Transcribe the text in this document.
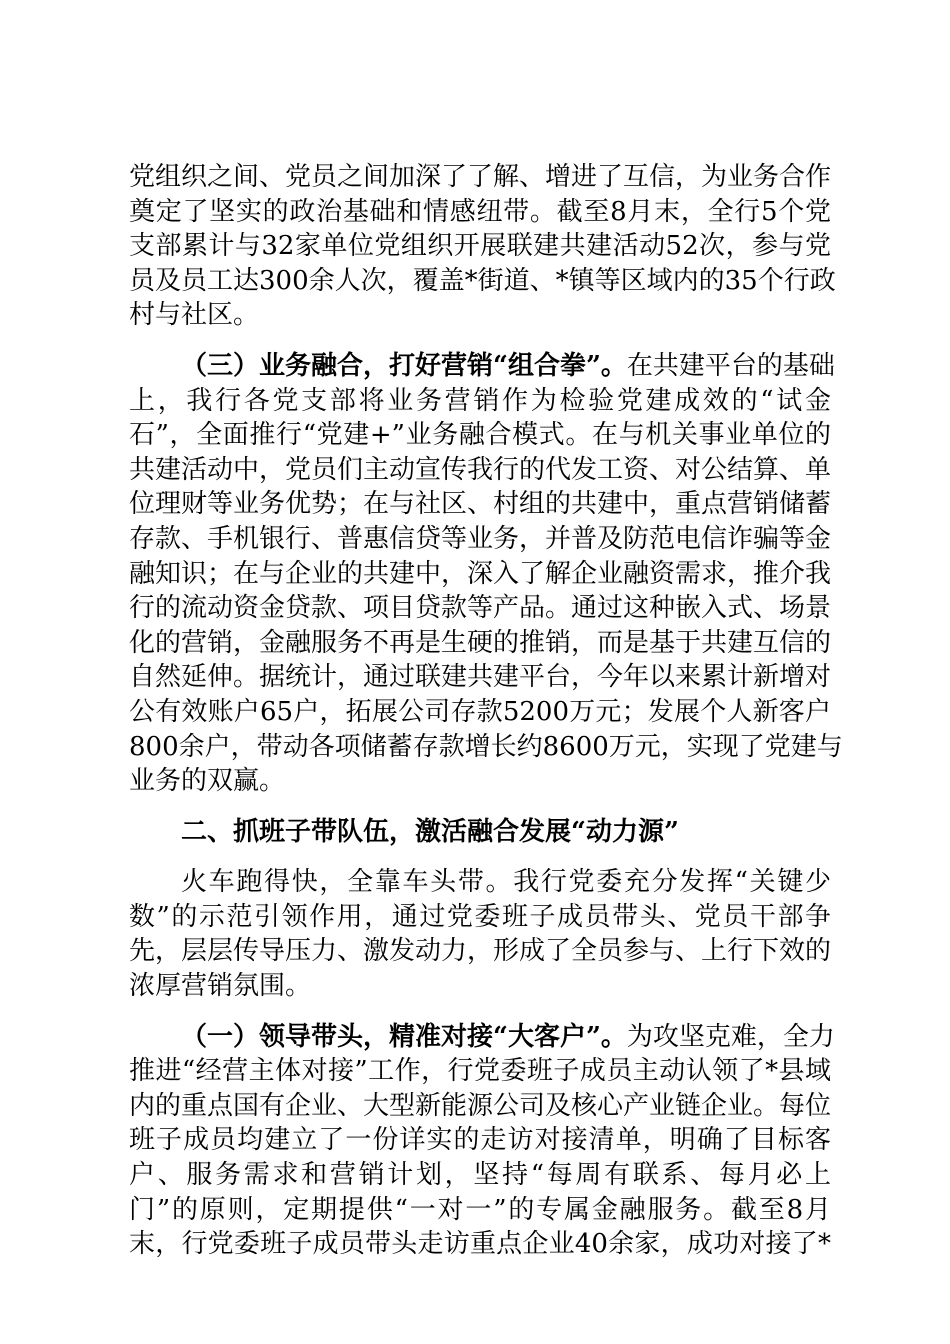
党组织之间、党员之间加深了了解、增进了互信，为业务合作
奠定了坚实的政治基础和情感纽带。截至8月末，全行5个党
支部累计与32家单位党组织开展联建共建活动52次，参与党
员及员工达300余人次，覆盖*街道、*镇等区域内的35个行政
村与社区。
（三）业务融合，打好营销“组合拳”。在共建平台的基础
上，我行各党支部将业务营销作为检验党建成效的“试金
石”，全面推行“党建+”业务融合模式。在与机关事业单位的
共建活动中，党员们主动宣传我行的代发工资、对公结算、单
位理财等业务优势；在与社区、村组的共建中，重点营销储蓄
存款、手机银行、普惠信贷等业务，并普及防范电信诈骗等金
融知识；在与企业的共建中，深入了解企业融资需求，推介我
行的流动资金贷款、项目贷款等产品。通过这种嵌入式、场景
化的营销，金融服务不再是生硬的推销，而是基于共建互信的
自然延伸。据统计，通过联建共建平台，今年以来累计新增对
公有效账户65户，拓展公司存款5200万元；发展个人新客户
800余户，带动各项储蓄存款增长约8600万元，实现了党建与
业务的双赢。
二、抓班子带队伍，激活融合发展“动力源”
火车跑得快，全靠车头带。我行党委充分发挥“关键少
数”的示范引领作用，通过党委班子成员带头、党员干部争
先，层层传导压力、激发动力，形成了全员参与、上行下效的
浓厚营销氛围。
（一）领导带头，精准对接“大客户”。为攻坚克难，全力
推进“经营主体对接”工作，行党委班子成员主动认领了*县域
内的重点国有企业、大型新能源公司及核心产业链企业。每位
班子成员均建立了一份详实的走访对接清单，明确了目标客
户、服务需求和营销计划，坚持“每周有联系、每月必上
门”的原则，定期提供“一对一”的专属金融服务。截至8月
末，行党委班子成员带头走访重点企业40余家，成功对接了*
